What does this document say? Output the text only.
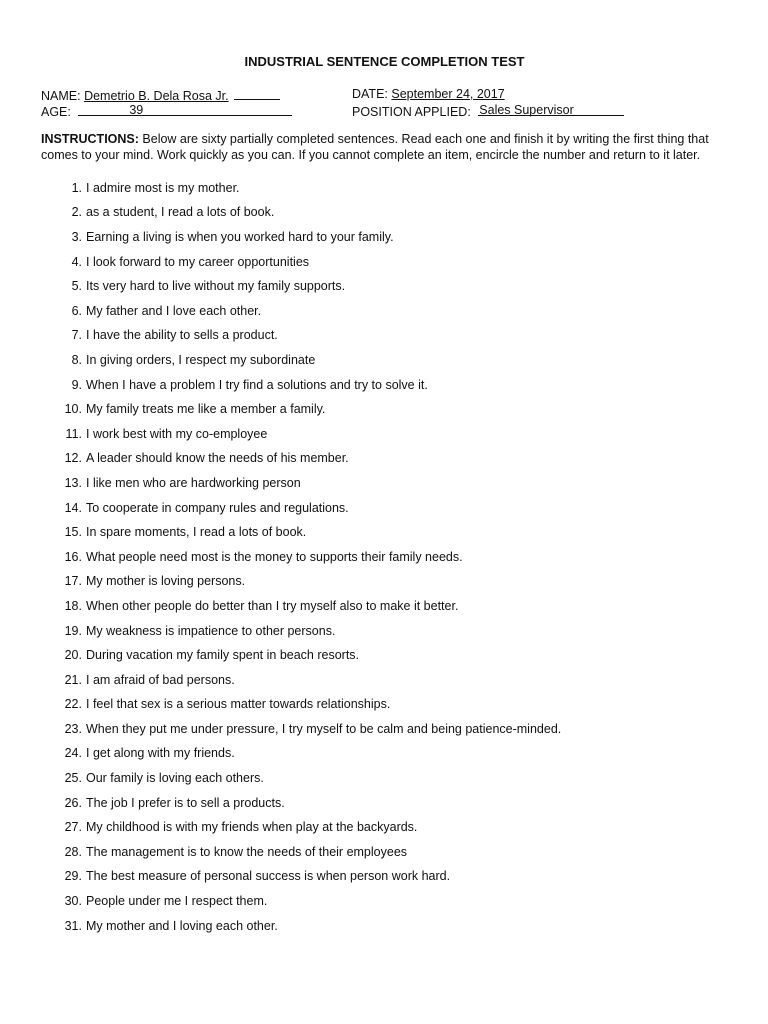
INDUSTRIAL SENTENCE COMPLETION TEST
NAME: Demetrio B. Dela Rosa Jr.	DATE: September 24, 2017
AGE:	39	POSITION APPLIED: Sales Supervisor
INSTRUCTIONS: Below are sixty partially completed sentences. Read each one and finish it by writing the first thing that comes to your mind. Work quickly as you can. If you cannot complete an item, encircle the number and return to it later.
1. I admire most is my mother.
2. as a student, I read a lots of book.
3. Earning a living is when you worked hard to your family.
4. I look forward to my career opportunities
5. Its very hard to live without my family supports.
6. My father and I love each other.
7. I have the ability to sells a product.
8. In giving orders, I respect my subordinate
9. When I have a problem I try find a solutions and try to solve it.
10. My family treats me like a member a family.
11. I work best with my co-employee
12. A leader should know the needs of his member.
13. I like men who are hardworking person
14. To cooperate in company rules and regulations.
15. In spare moments, I read a lots of book.
16. What people need most is the money to supports their family needs.
17. My mother is loving persons.
18. When other people do better than I try myself also to make it better.
19. My weakness is impatience to other persons.
20. During vacation my family spent in beach resorts.
21. I am afraid of bad persons.
22. I feel that sex is a serious matter towards relationships.
23. When they put me under pressure, I try myself to be calm and being patience-minded.
24. I get along with my friends.
25. Our family is loving each others.
26. The job I prefer is to sell a products.
27. My childhood is with my friends when play at the backyards.
28. The management is to know the needs of their employees
29. The best measure of personal success is when person work hard.
30. People under me I respect them.
31. My mother and I loving each other.
